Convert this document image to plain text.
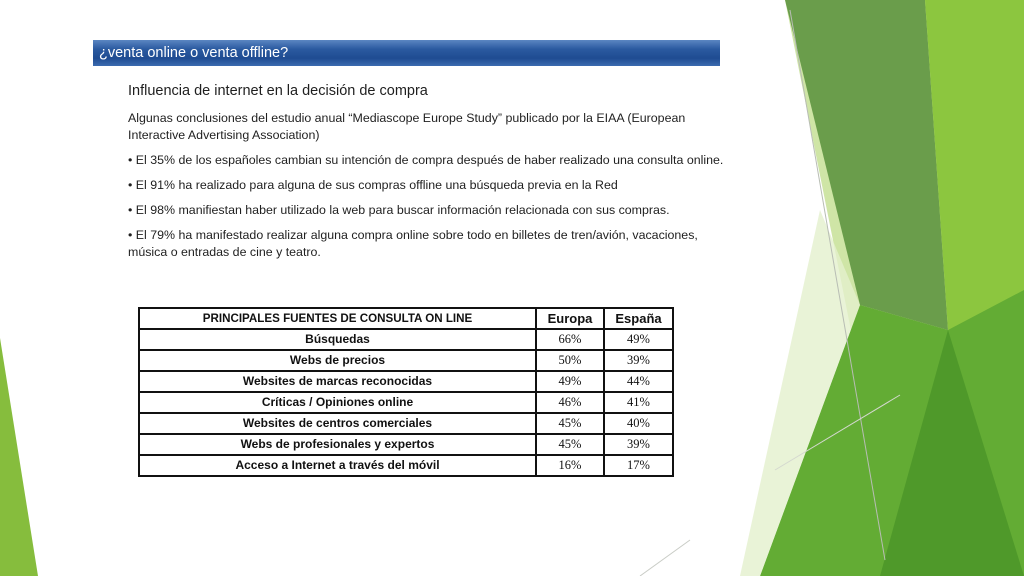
¿venta online o venta offline?
Influencia de internet en la decisión de compra

Algunas conclusiones del estudio anual “Mediascope Europe Study” publicado por la EIAA (European Interactive Advertising Association)

• El 35% de los españoles cambian su intención de compra después de haber realizado una consulta online.

• El 91% ha realizado para alguna de sus compras offline una búsqueda previa en la Red

• El 98% manifiestan haber utilizado la web para buscar información relacionada con sus compras.

• El 79% ha manifestado realizar alguna compra online sobre todo en billetes de tren/avión, vacaciones, música o entradas de cine y teatro.

PRINCIPALES FUENTES DE CONSULTA ON LINE	Europa	España
Búsquedas	66%	49%
Webs de precios	50%	39%
Websites de marcas reconocidas	49%	44%
Críticas / Opiniones online	46%	41%
Websites de centros comerciales	45%	40%
Webs de profesionales y expertos	45%	39%
Acceso a Internet a través del móvil	16%	17%
